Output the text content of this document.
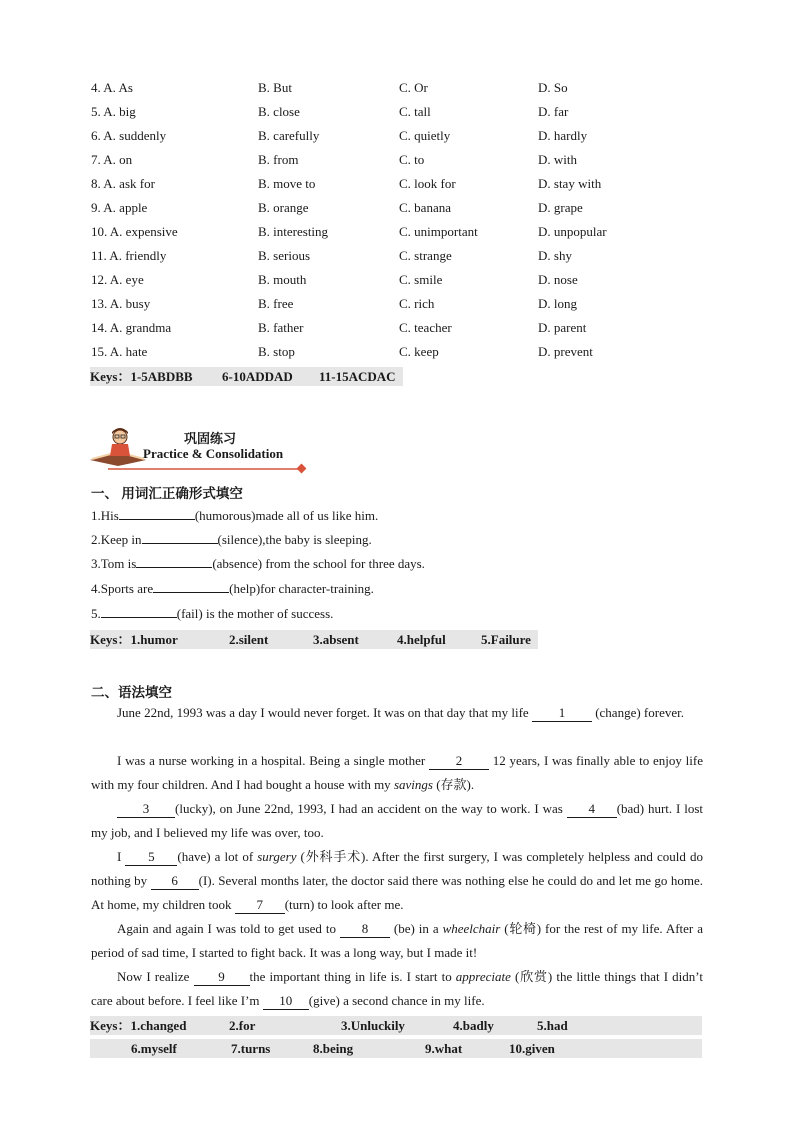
4. A. As	B. But	C. Or	D. So
5. A. big	B. close	C. tall	D. far
6. A. suddenly	B. carefully	C. quietly	D. hardly
7. A. on	B. from	C. to	D. with
8. A. ask for	B. move to	C. look for	D. stay with
9. A. apple	B. orange	C. banana	D. grape
10. A. expensive	B. interesting	C. unimportant	D. unpopular
11. A. friendly	B. serious	C. strange	D. shy
12. A. eye	B. mouth	C. smile	D. nose
13. A. busy	B. free	C. rich	D. long
14. A. grandma	B. father	C. teacher	D. parent
15. A. hate	B. stop	C. keep	D. prevent
Keys：1-5ABDBB 6-10ADDAD 11-15ACDAC
巩固练习
Practice & Consolidation
一、 用词汇正确形式填空
1.His	(humorous)made all of us like him.
2.Keep in	(silence),the baby is sleeping.
3.Tom is	(absence) from the school for three days.
4.Sports are	(help)for character-training.
5.	(fail) is the mother of success.
Keys：1.humor	2.silent	3.absent	4.helpful	5.Failure
二、语法填空
June 22nd, 1993 was a day I would never forget. It was on that day that my life 1 (change) forever.
I was a nurse working in a hospital. Being a single mother 2 12 years, I was finally able to enjoy life with my four children. And I had bought a house with my savings (存款).
3 (lucky), on June 22nd, 1993, I had an accident on the way to work. I was 4 (bad) hurt. I lost my job, and I believed my life was over, too.
I 5 (have) a lot of surgery (外科手术). After the first surgery, I was completely helpless and could do nothing by 6 (I). Several months later, the doctor said there was nothing else he could do and let me go home. At home, my children took 7 (turn) to look after me.
Again and again I was told to get used to 8 (be) in a wheelchair (轮椅) for the rest of my life. After a period of sad time, I started to fight back. It was a long way, but I made it!
Now I realize 9 the important thing in life is. I start to appreciate (欣赏) the little things that I didn’t care about before. I feel like I’m 10 (give) a second chance in my life.
Keys：1.changed	2.for	3.Unluckily	4.badly	5.had
6.myself	7.turns	8.being	9.what	10.given
